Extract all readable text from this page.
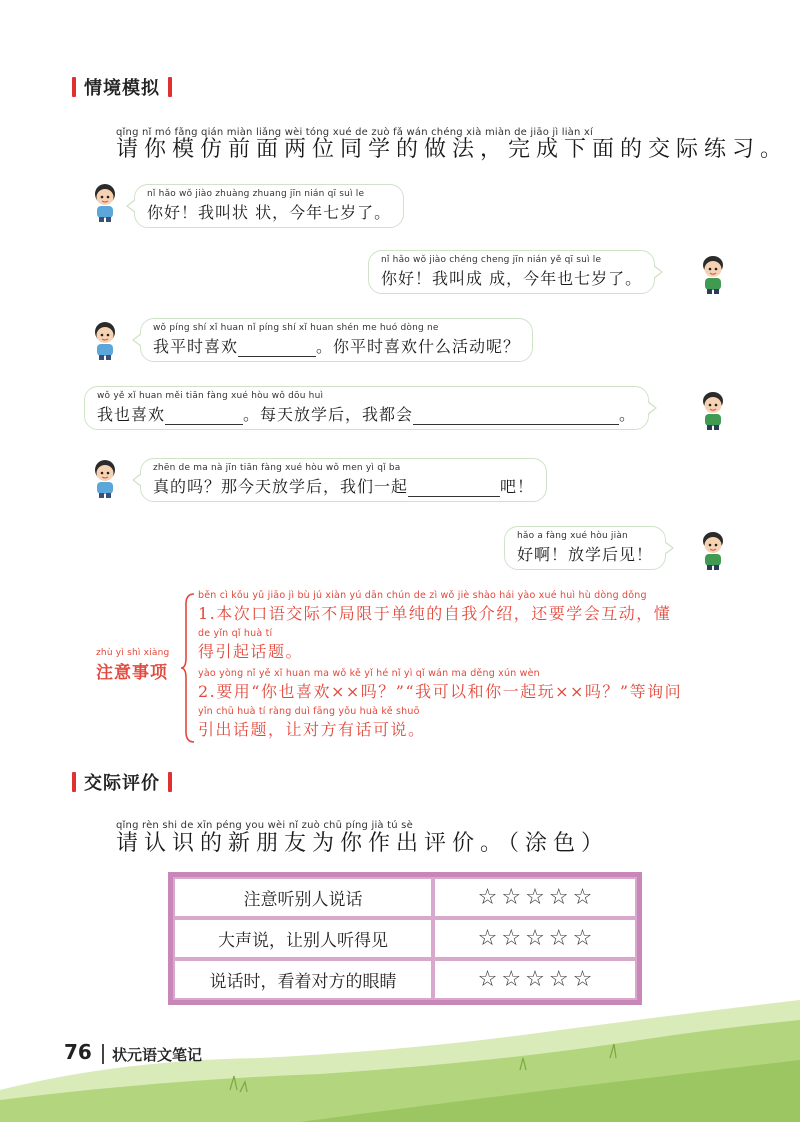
情境模拟
qǐng nǐ mó fǎng qián miàn liǎng wèi tóng xué de zuò fǎ wán chéng xià miàn de jiāo jì liàn xí
请你模仿前面两位同学的做法，完成下面的交际练习。
nǐ hǎo wǒ jiào zhuàng zhuang jīn nián qī suì le
你好！我叫状 状，今年七岁了。
nǐ hǎo wǒ jiào chéng cheng jīn nián yě qī suì le
你好！我叫成 成，今年也七岁了。
wǒ píng shí xǐ huan nǐ píng shí xǐ huan shén me huó dòng ne
我平时喜欢	。你平时喜欢什么活动呢？
wǒ yě xǐ huan měi tiān fàng xué hòu wǒ dōu huì
我也喜欢	。每天放学后，我都会	。
zhēn de ma nà jīn tiān fàng xué hòu wǒ men yì qǐ ba
真的吗？那今天放学后，我们一起	吧！
hǎo a fàng xué hòu jiàn
好啊！放学后见！
zhù yì shì xiàng
注意事项
běn cì kǒu yǔ jiāo jì bù jú xiàn yú dān chún de zì wǒ jiè shào hái yào xué huì hù dòng dǒng
1.本次口语交际不局限于单纯的自我介绍，还要学会互动，懂
de yǐn qǐ huà tí
得引起话题。
yào yòng nǐ yě xǐ huan ma wǒ kě yǐ hé nǐ yì qǐ wán ma děng xún wèn
2.要用“你也喜欢××吗？”“我可以和你一起玩××吗？”等询问
yǐn chū huà tí ràng duì fāng yǒu huà kě shuō
引出话题，让对方有话可说。
交际评价
qǐng rèn shi de xīn péng you wèi nǐ zuò chū píng jià tú sè
请认识的新朋友为你作出评价。（涂色）
注意听别人说话	☆ ☆ ☆ ☆ ☆
大声说，让别人听得见	☆ ☆ ☆ ☆ ☆
说话时，看着对方的眼睛	☆ ☆ ☆ ☆ ☆
76 状元语文笔记
